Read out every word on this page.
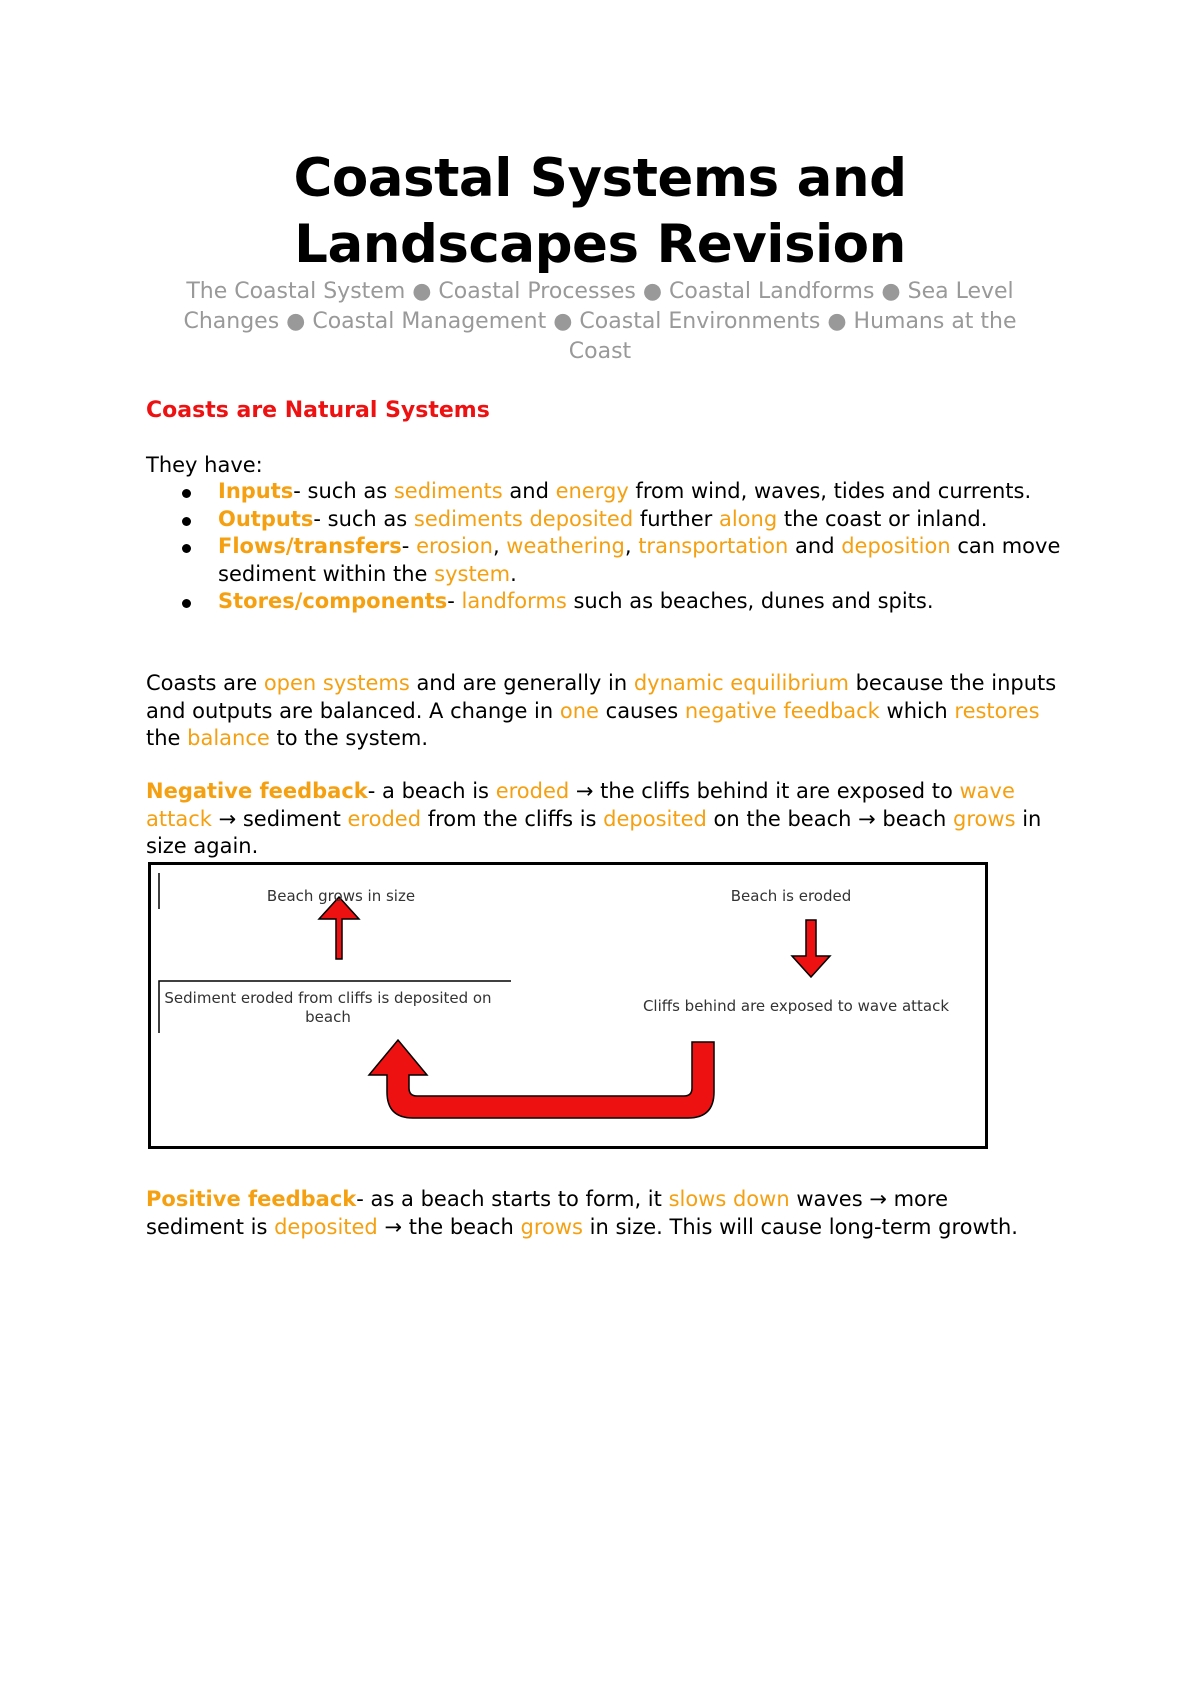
Coastal Systems and
Landscapes Revision
The Coastal System ● Coastal Processes ● Coastal Landforms ● Sea Level Changes ● Coastal Management ● Coastal Environments ● Humans at the Coast
Coasts are Natural Systems
They have:
Inputs- such as sediments and energy from wind, waves, tides and currents.
Outputs- such as sediments deposited further along the coast or inland.
Flows/transfers- erosion, weathering, transportation and deposition can move sediment within the system.
Stores/components- landforms such as beaches, dunes and spits.
Coasts are open systems and are generally in dynamic equilibrium because the inputs and outputs are balanced. A change in one causes negative feedback which restores the balance to the system.
Negative feedback- a beach is eroded → the cliffs behind it are exposed to wave attack → sediment eroded from the cliffs is deposited on the beach → beach grows in size again.
Beach grows in size	Beach is eroded
Sediment eroded from cliffs is deposited on beach
Cliffs behind are exposed to wave attack
Positive feedback- as a beach starts to form, it slows down waves → more sediment is deposited → the beach grows in size. This will cause long-term growth.
